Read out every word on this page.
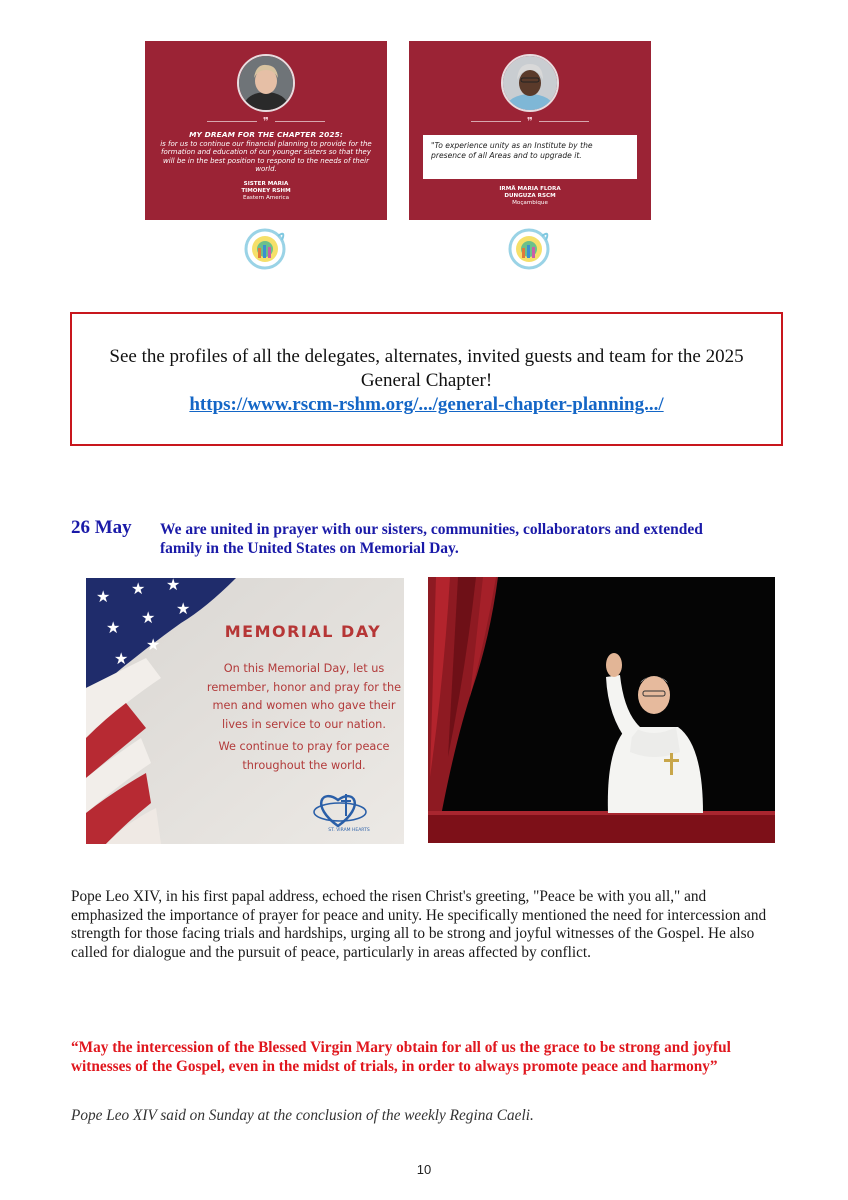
❞
MY DREAM FOR THE CHAPTER 2025:
is for us to continue our financial planning to provide for the formation and education of our younger sisters so that they will be in the best position to respond to the needs of their world.
SISTER MARIA
TIMONEY RSHM
Eastern America
❞
"To experience unity as an Institute by the presence of all Areas and to upgrade it.
IRMÃ MARIA FLORA
DUNGUZA RSCM
Moçambique
See the profiles of all the delegates, alternates, invited guests and team for the 2025 General Chapter!
https://www.rscm-rshm.org/.../general-chapter-planning.../
26 May We are united in prayer with our sisters, communities, collaborators and extended family in the United States on Memorial Day.
★ ★ ★
★
★
★
★
★
MEMORIAL DAY
On this Memorial Day, let us remember, honor and pray for the men and women who gave their lives in service to our nation.
We continue to pray for peace throughout the world.
ST. VIRAM HEARTS
Pope Leo XIV, in his first papal address, echoed the risen Christ's greeting, "Peace be with you all," and emphasized the importance of prayer for peace and unity. He specifically mentioned the need for intercession and strength for those facing trials and hardships, urging all to be strong and joyful witnesses of the Gospel. He also called for dialogue and the pursuit of peace, particularly in areas affected by conflict.
“May the intercession of the Blessed Virgin Mary obtain for all of us the grace to be strong and joyful witnesses of the Gospel, even in the midst of trials, in order to always promote peace and harmony”
Pope Leo XIV said on Sunday at the conclusion of the weekly Regina Caeli.
10
